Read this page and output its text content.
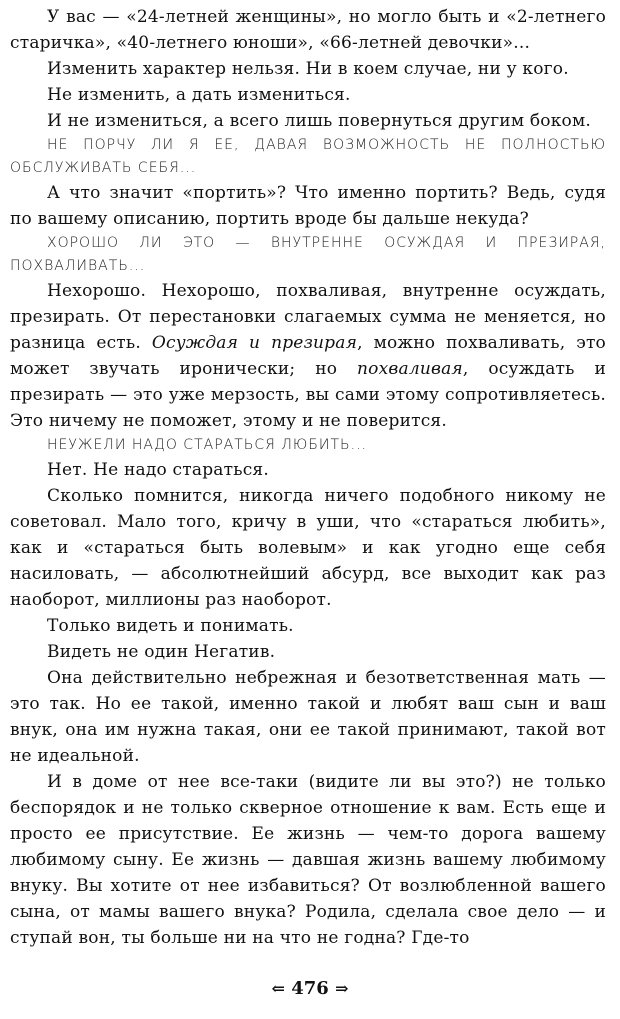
У вас — «24-летней женщины», но могло быть и «2-летнего старичка», «40-летнего юноши», «66-летней девочки»...

Изменить характер нельзя. Ни в коем случае, ни у кого.

Не изменить, а дать измениться.

И не измениться, а всего лишь повернуться другим боком.

НЕ ПОРЧУ ЛИ Я ЕЕ, ДАВАЯ ВОЗМОЖНОСТЬ НЕ ПОЛНОСТЬЮ ОБСЛУЖИВАТЬ СЕБЯ...

А что значит «портить»? Что именно портить? Ведь, судя по вашему описанию, портить вроде бы дальше некуда?

ХОРОШО ЛИ ЭТО — ВНУТРЕННЕ ОСУЖДАЯ И ПРЕЗИРАЯ, ПОХВАЛИВАТЬ...

Нехорошо. Нехорошо, похваливая, внутренне осуждать, презирать. От перестановки слагаемых сумма не меняется, но разница есть. Осуждая и презирая, можно похваливать, это может звучать иронически; но похваливая, осуждать и презирать — это уже мерзость, вы сами этому сопротивляетесь. Это ничему не поможет, этому и не поверится.

НЕУЖЕЛИ НАДО СТАРАТЬСЯ ЛЮБИТЬ...

Нет. Не надо стараться.

Сколько помнится, никогда ничего подобного никому не советовал. Мало того, кричу в уши, что «стараться любить», как и «стараться быть волевым» и как угодно еще себя насиловать, — абсолютнейший абсурд, все выходит как раз наоборот, миллионы раз наоборот.

Только видеть и понимать.

Видеть не один Негатив.

Она действительно небрежная и безответственная мать — это так. Но ее такой, именно такой и любят ваш сын и ваш внук, она им нужна такая, они ее такой принимают, такой вот не идеальной.

И в доме от нее все-таки (видите ли вы это?) не только беспорядок и не только скверное отношение к вам. Есть еще и просто ее присутствие. Ее жизнь — чем-то дорога вашему любимому сыну. Ее жизнь — давшая жизнь вашему любимому внуку. Вы хотите от нее избавиться? От возлюбленной вашего сына, от мамы вашего внука? Родила, сделала свое дело — и ступай вон, ты больше ни на что не годна? Где-то

⇐ 476 ⇒
